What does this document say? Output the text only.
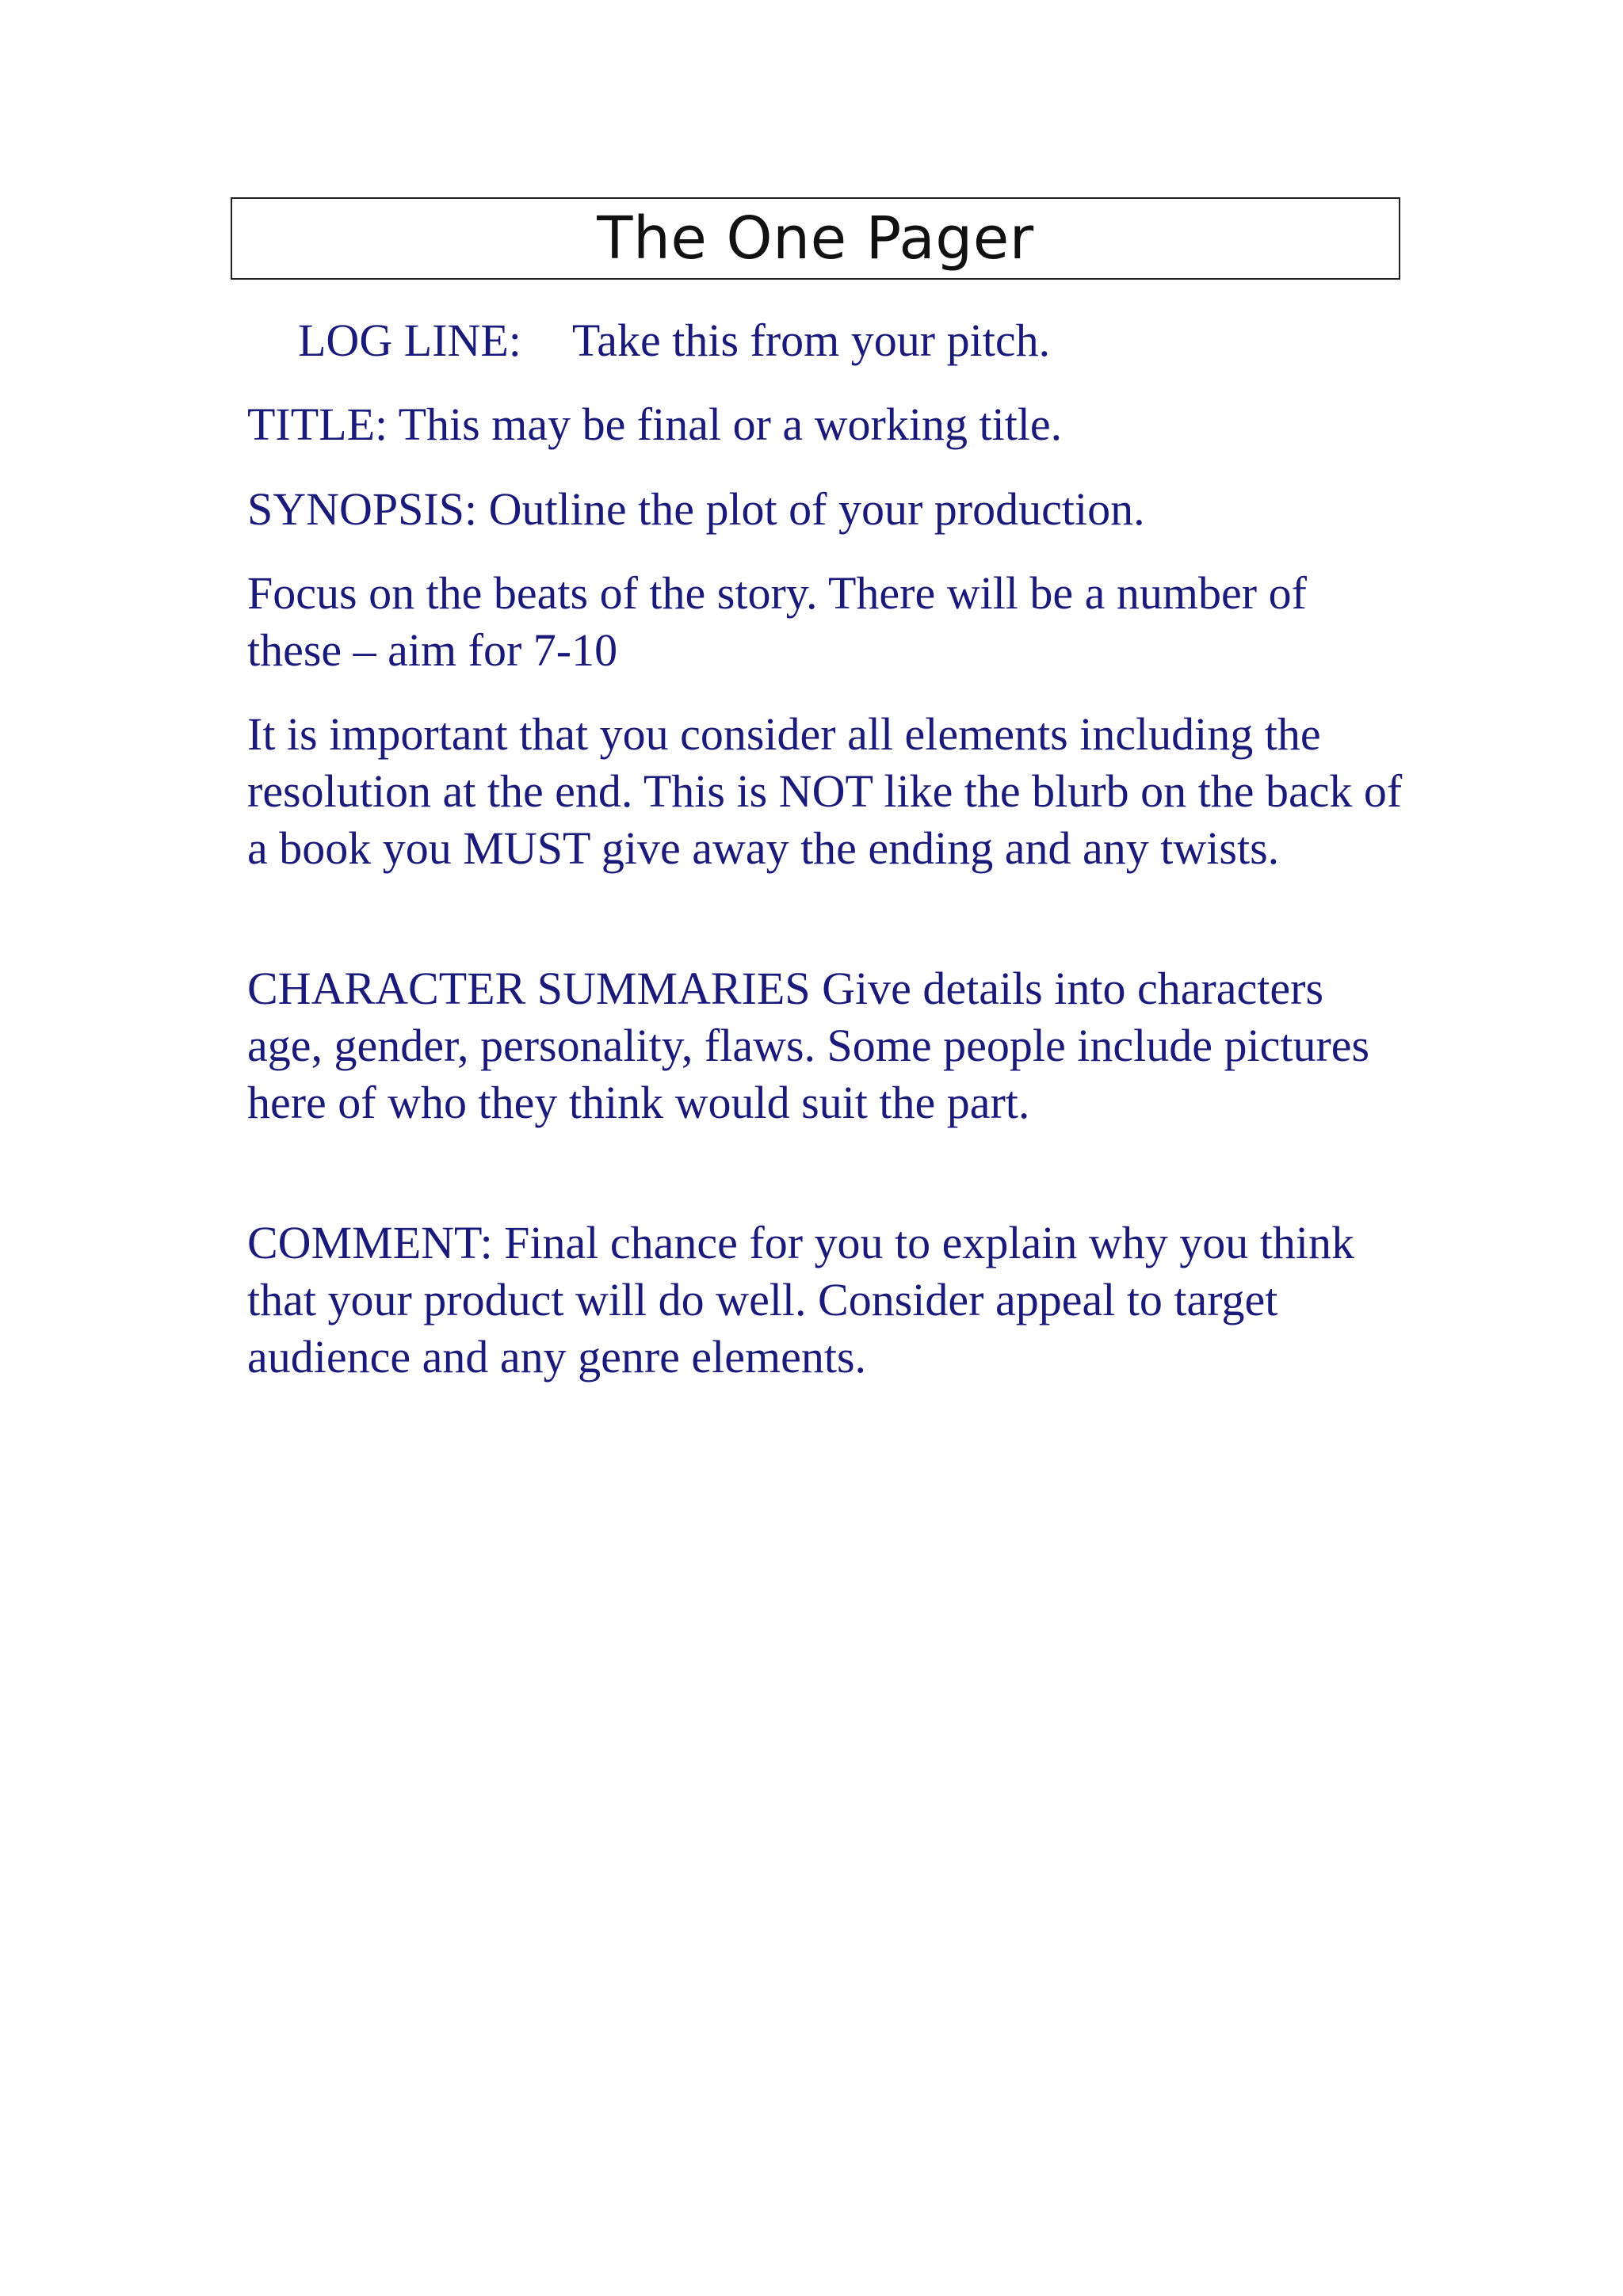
The One Pager

LOG LINE: Take this from your pitch.

TITLE: This may be final or a working title.

SYNOPSIS: Outline the plot of your production.

Focus on the beats of the story. There will be a number of these – aim for 7-10

It is important that you consider all elements including the resolution at the end. This is NOT like the blurb on the back of a book you MUST give away the ending and any twists.

CHARACTER SUMMARIES Give details into characters age, gender, personality, flaws. Some people include pictures here of who they think would suit the part.

COMMENT: Final chance for you to explain why you think that your product will do well. Consider appeal to target audience and any genre elements.
